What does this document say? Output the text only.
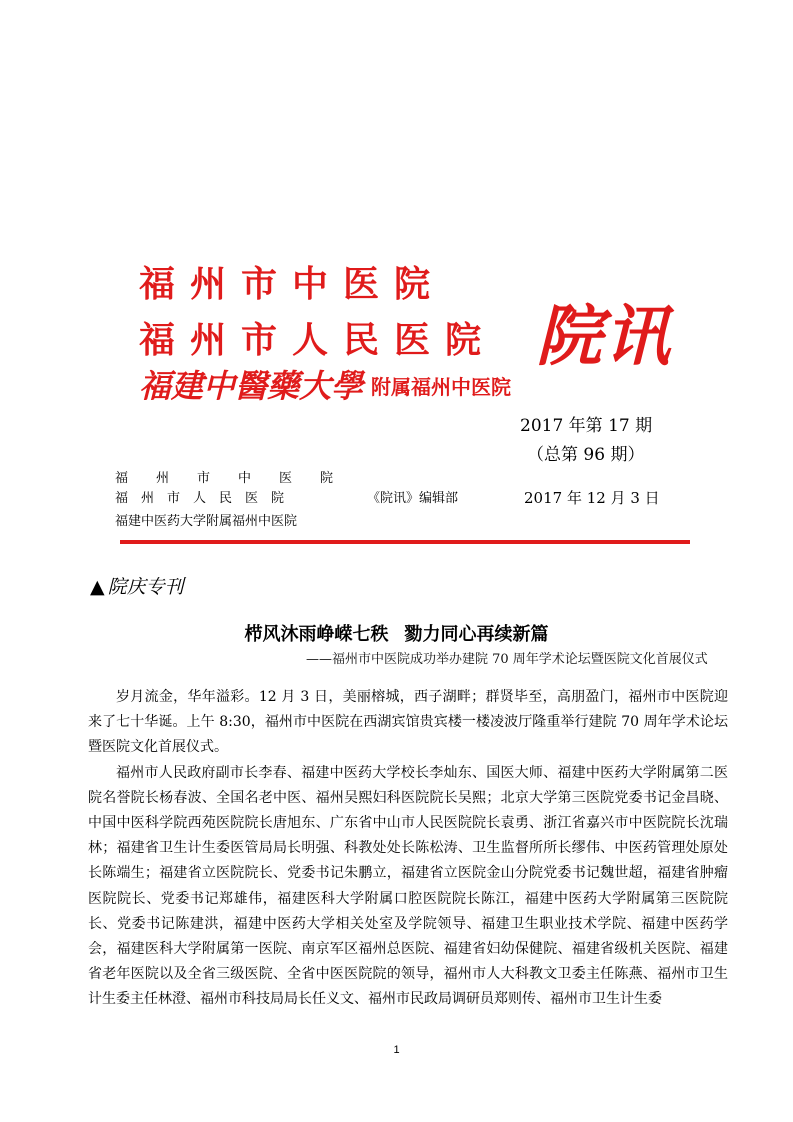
福州市中医院
福州市人民医院
福建中醫藥大學 附属福州中医院
院讯
2017 年第 17 期
（总第 96 期）
福州市中医院
福州市人民医院
福建中医药大学附属福州中医院
《院讯》编辑部	2017 年 12 月 3 日
▲ 院庆专刊
栉风沐雨峥嵘七秩 勠力同心再续新篇
——福州市中医院成功举办建院 70 周年学术论坛暨医院文化首展仪式

岁月流金，华年溢彩。12 月 3 日，美丽榕城，西子湖畔；群贤毕至，高朋盈门，福州市中医院迎来了七十华诞。上午 8:30，福州市中医院在西湖宾馆贵宾楼一楼凌波厅隆重举行建院 70 周年学术论坛暨医院文化首展仪式。

福州市人民政府副市长李春、福建中医药大学校长李灿东、国医大师、福建中医药大学附属第二医院名誉院长杨春波、全国名老中医、福州吴熙妇科医院院长吴熙；北京大学第三医院党委书记金昌晓、中国中医科学院西苑医院院长唐旭东、广东省中山市人民医院院长袁勇、浙江省嘉兴市中医院院长沈瑞林；福建省卫生计生委医管局局长明强、科教处处长陈松涛、卫生监督所所长缪伟、中医药管理处原处长陈端生；福建省立医院院长、党委书记朱鹏立，福建省立医院金山分院党委书记魏世超，福建省肿瘤医院院长、党委书记郑雄伟，福建医科大学附属口腔医院院长陈江，福建中医药大学附属第三医院院长、党委书记陈建洪，福建中医药大学相关处室及学院领导、福建卫生职业技术学院、福建中医药学会，福建医科大学附属第一医院、南京军区福州总医院、福建省妇幼保健院、福建省级机关医院、福建省老年医院以及全省三级医院、全省中医医院院的领导，福州市人大科教文卫委主任陈燕、福州市卫生计生委主任林澄、福州市科技局局长任义文、福州市民政局调研员郑则传、福州市卫生计生委

1
